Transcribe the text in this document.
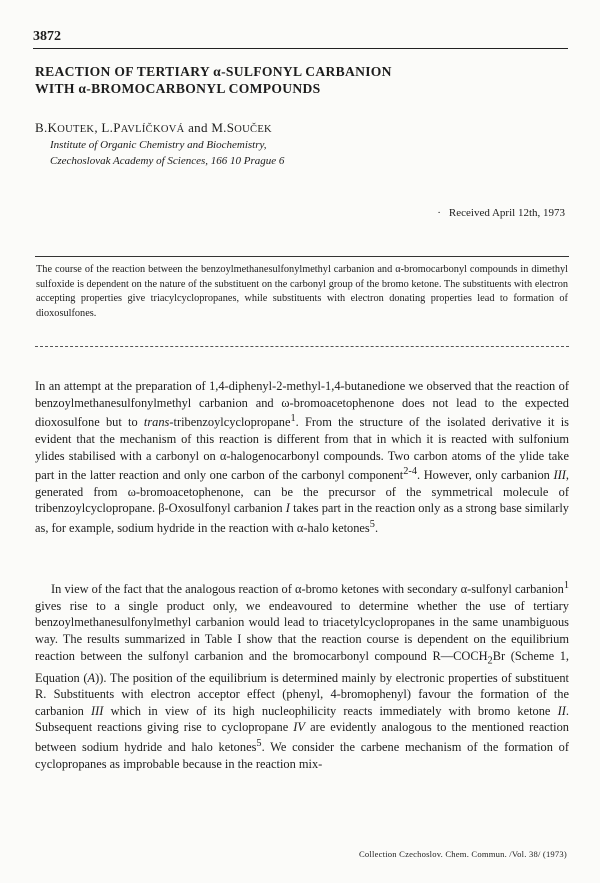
3872
REACTION OF TERTIARY α-SULFONYL CARBANION
WITH α-BROMOCARBONYL COMPOUNDS
B.KOUTEK, L.PAVLÍČKOVÁ and M.SOUČEK
Institute of Organic Chemistry and Biochemistry,
Czechoslovak Academy of Sciences, 166 10 Prague 6
· Received April 12th, 1973

The course of the reaction between the benzoylmethanesulfonylmethyl carbanion and α-bromocarbonyl compounds in dimethyl sulfoxide is dependent on the nature of the substituent on the carbonyl group of the bromo ketone. The substituents with electron accepting properties give triacylcyclopropanes, while substituents with electron donating properties lead to formation of dioxosulfones.

In an attempt at the preparation of 1,4-diphenyl-2-methyl-1,4-butanedione we observed that the reaction of benzoylmethanesulfonylmethyl carbanion and ω-bromoacetophenone does not lead to the expected dioxosulfone but to trans-tribenzoylcyclopropane$^1$. From the structure of the isolated derivative it is evident that the mechanism of this reaction is different from that in which it is reacted with sulfonium ylides stabilised with a carbonyl on α-halogenocarbonyl compounds. Two carbon atoms of the ylide take part in the latter reaction and only one carbon of the carbonyl component$^{2-4}$. However, only carbanion III, generated from ω-bromoacetophenone, can be the precursor of the symmetrical molecule of tribenzoylcyclopropane. β-Oxosulfonyl carbanion I takes part in the reaction only as a strong base similarly as, for example, sodium hydride in the reaction with α-halo ketones$^5$.

In view of the fact that the analogous reaction of α-bromo ketones with secondary α-sulfonyl carbanion$^1$ gives rise to a single product only, we endeavoured to determine whether the use of tertiary benzoylmethanesulfonylmethyl carbanion would lead to triacetylcyclopropanes in the same unambiguous way. The results summarized in Table I show that the reaction course is dependent on the equilibrium reaction between the sulfonyl carbanion and the bromocarbonyl compound $R—COCH_2Br$ (Scheme 1, Equation (A)). The position of the equilibrium is determined mainly by electronic properties of substituent R. Substituents with electron acceptor effect (phenyl, 4-bromophenyl) favour the formation of the carbanion III which in view of its high nucleophilicity reacts immediately with bromo ketone II. Subsequent reactions giving rise to cyclopropane IV are evidently analogous to the mentioned reaction between sodium hydride and halo ketones$^5$. We consider the carbene mechanism of the formation of cyclopropanes as improbable because in the reaction mix-

Collection Czechoslov. Chem. Commun. /Vol. 38/ (1973)
